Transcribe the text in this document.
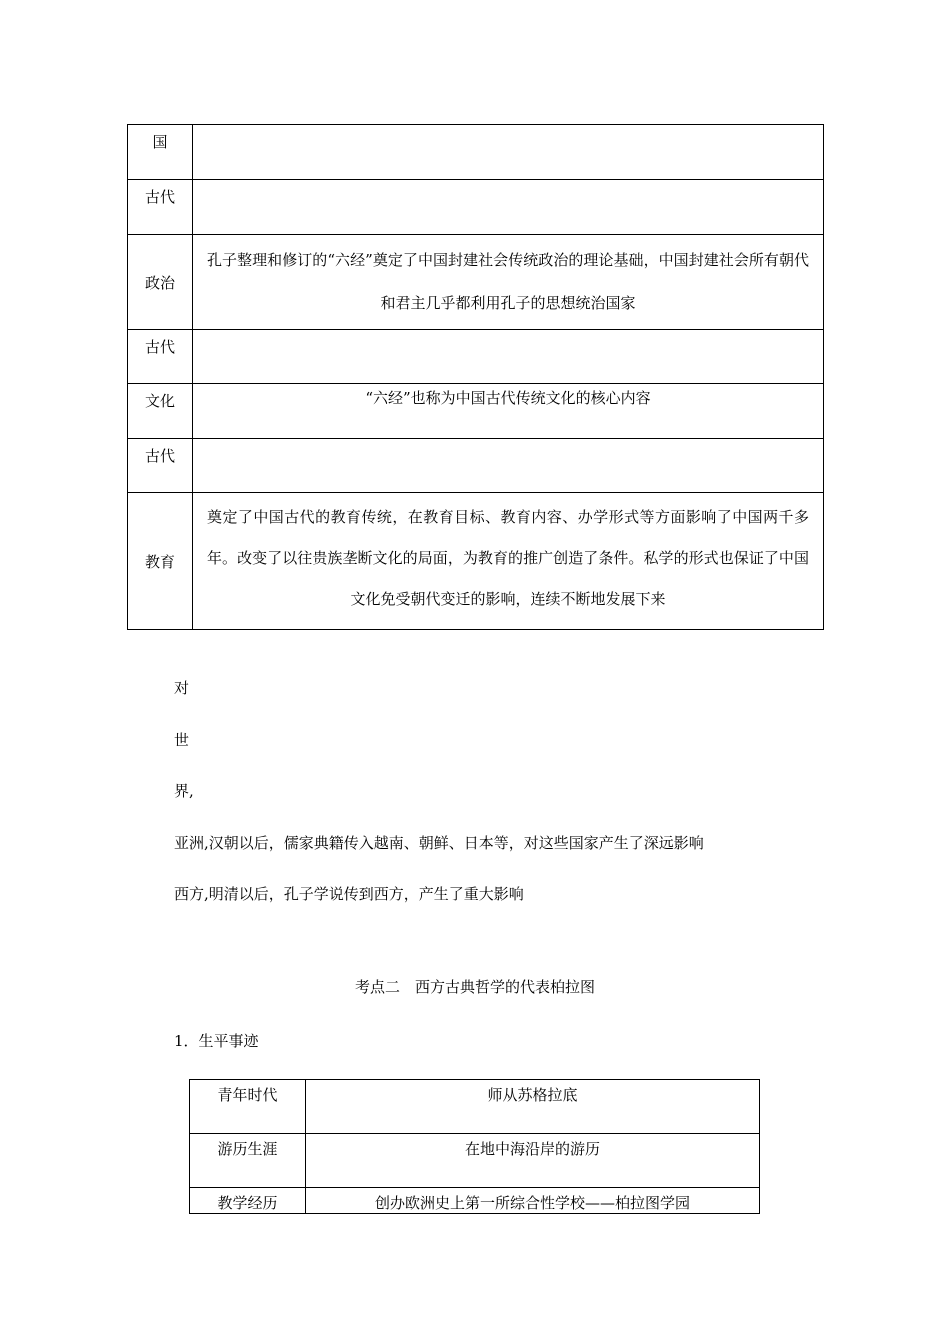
国	

古代	

政治	孔子整理和修订的“六经”奠定了中国封建社会传统政治的理论基础，中国封建社会所有朝代和君主几乎都利用孔子的思想统治国家

古代	

文化	“六经”也称为中国古代传统文化的核心内容

古代	

教育	奠定了中国古代的教育传统，在教育目标、教育内容、办学形式等方面影响了中国两千多年。改变了以往贵族垄断文化的局面，为教育的推广创造了条件。私学的形式也保证了中国文化免受朝代变迁的影响，连续不断地发展下来
对
世
界,
亚洲,汉朝以后，儒家典籍传入越南、朝鲜、日本等，对这些国家产生了深远影响
西方,明清以后，孔子学说传到西方，产生了重大影响
考点二　西方古典哲学的代表柏拉图
1．生平事迹
青年时代	师从苏格拉底

游历生涯	在地中海沿岸的游历

教学经历	创办欧洲史上第一所综合性学校——柏拉图学园
